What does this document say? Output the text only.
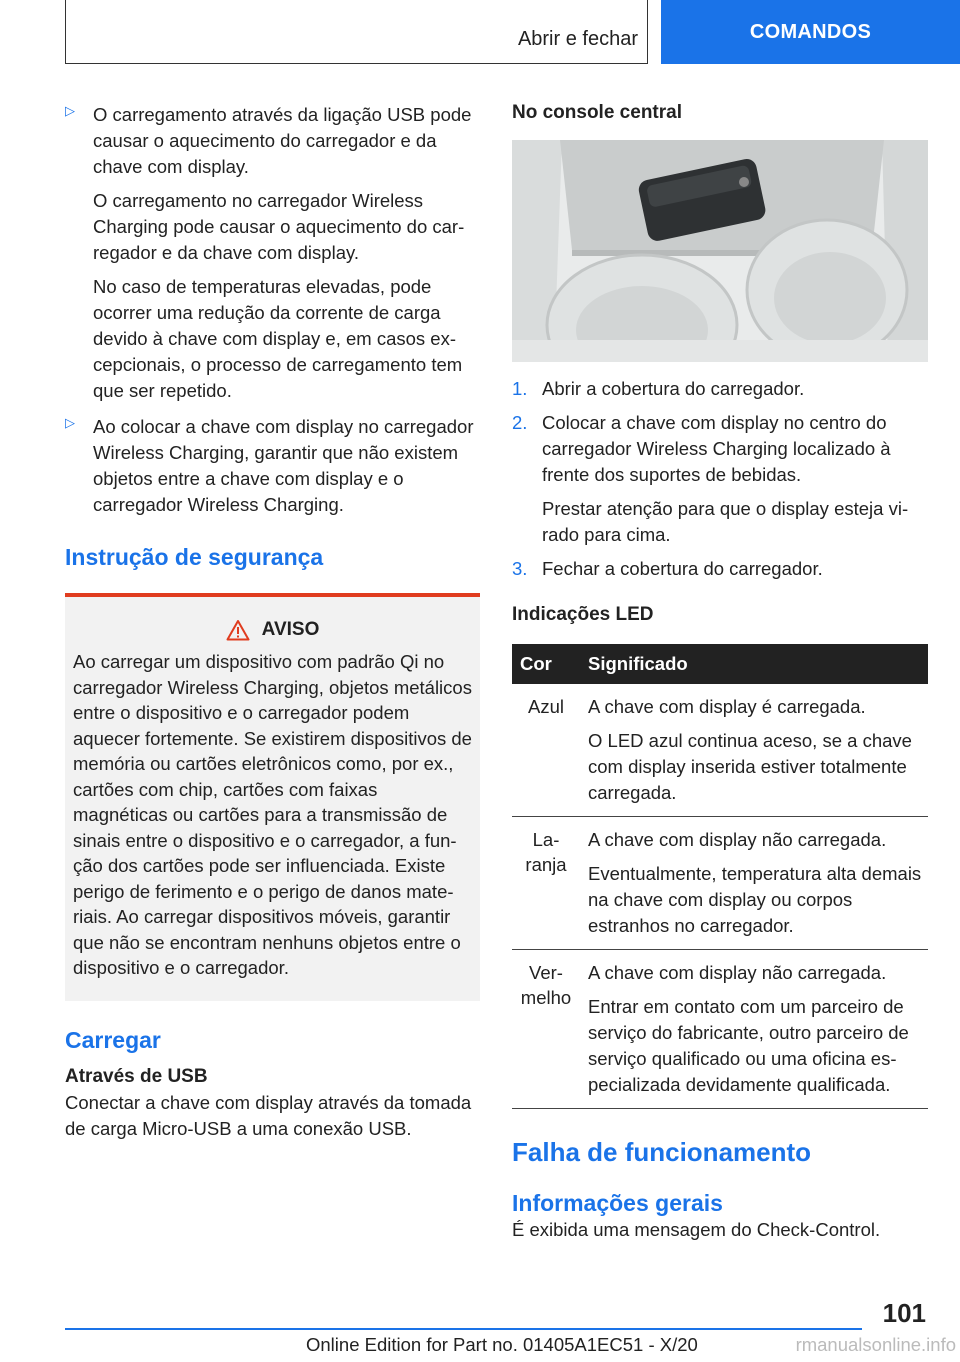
Abrir e fechar	COMANDOS
▷ O carregamento através da ligação USB pode causar o aquecimento do carregador e da chave com display.

O carregamento no carregador Wireless Charging pode causar o aquecimento do carregador e da chave com display.

No caso de temperaturas elevadas, pode ocorrer uma redução da corrente de carga devido à chave com display e, em casos excepcionais, o processo de carregamento tem que ser repetido.

▷ Ao colocar a chave com display no carregador Wireless Charging, garantir que não existem objetos entre a chave com display e o carregador Wireless Charging.

Instrução de segurança
AVISO

Ao carregar um dispositivo com padrão Qi no carregador Wireless Charging, objetos metálicos entre o dispositivo e o carregador podem aquecer fortemente. Se existirem dispositivos de memória ou cartões eletrônicos como, por ex., cartões com chip, cartões com faixas magnéticas ou cartões para a transmissão de sinais entre o dispositivo e o carregador, a função dos cartões pode ser influenciada. Existe perigo de ferimento e o perigo de danos materiais. Ao carregar dispositivos móveis, garantir que não se encontram nenhuns objetos entre o dispositivo e o carregador.

Carregar
Através de USB

Conectar a chave com display através da tomada de carga Micro-USB a uma conexão USB.

No console central
1. Abrir a cobertura do carregador.

2. Colocar a chave com display no centro do carregador Wireless Charging localizado à frente dos suportes de bebidas.

Prestar atenção para que o display esteja virado para cima.

3. Fechar a cobertura do carregador.

Indicações LED
Cor	Significado
Azul	A chave com display é carregada.

O LED azul continua aceso, se a chave com display inserida estiver totalmente carregada.

Laranja	A chave com display não carregada.

Eventualmente, temperatura alta demais na chave com display ou corpos estranhos no carregador.

Vermelho	A chave com display não carregada.

Entrar em contato com um parceiro de serviço do fabricante, outro parceiro de serviço qualificado ou uma oficina especializada devidamente qualificada.

Falha de funcionamento
Informações gerais

É exibida uma mensagem do Check-Control.

101
Online Edition for Part no. 01405A1EC51 - X/20	rmanualsonline.info
